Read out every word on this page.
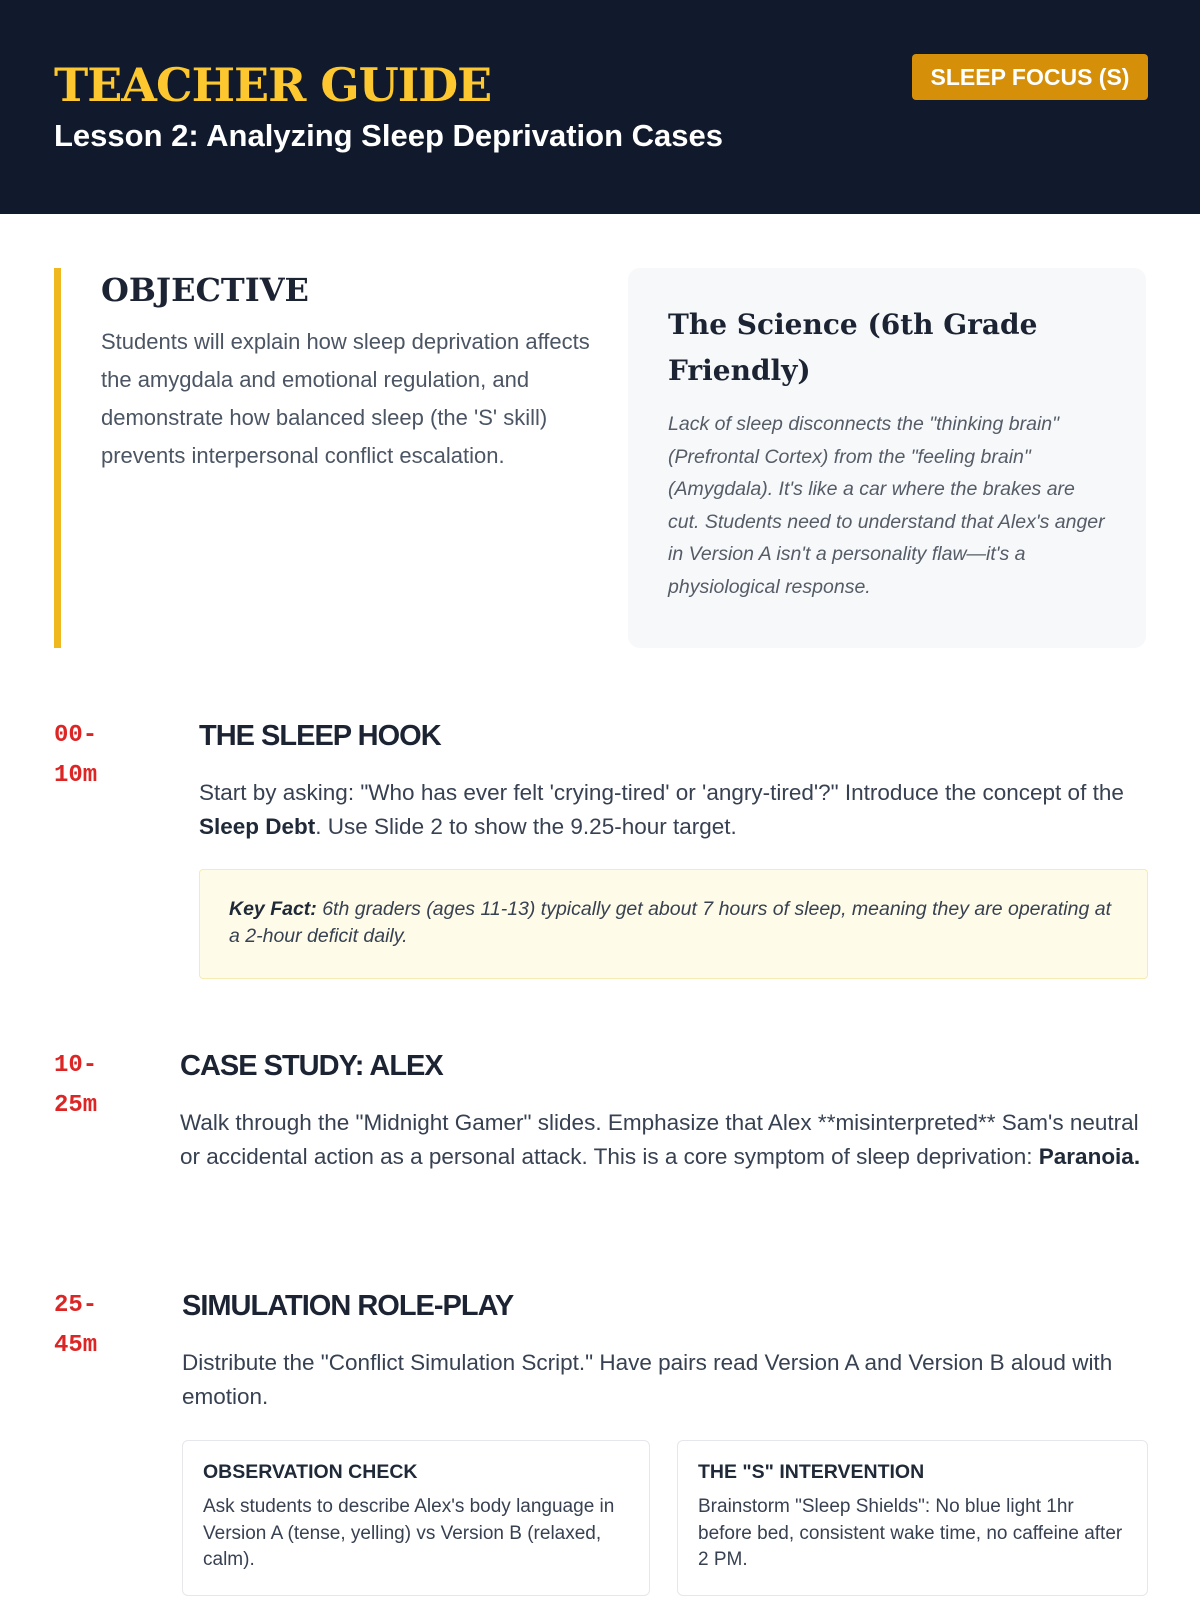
TEACHER GUIDE
Lesson 2: Analyzing Sleep Deprivation Cases
SLEEP FOCUS (S)
OBJECTIVE

Students will explain how sleep deprivation affects the amygdala and emotional regulation, and demonstrate how balanced sleep (the 'S' skill) prevents interpersonal conflict escalation.

The Science (6th Grade Friendly)

Lack of sleep disconnects the "thinking brain" (Prefrontal Cortex) from the "feeling brain" (Amygdala). It's like a car where the brakes are cut. Students need to understand that Alex's anger in Version A isn't a personality flaw—it's a physiological response.

00-
10m
THE SLEEP HOOK

Start by asking: "Who has ever felt 'crying-tired' or 'angry-tired'?" Introduce the concept of the Sleep Debt. Use Slide 2 to show the 9.25-hour target.

Key Fact: 6th graders (ages 11-13) typically get about 7 hours of sleep, meaning they are operating at a 2-hour deficit daily.
10-
25m
CASE STUDY: ALEX

Walk through the "Midnight Gamer" slides. Emphasize that Alex **misinterpreted** Sam's neutral or accidental action as a personal attack. This is a core symptom of sleep deprivation: Paranoia.

25-
45m
SIMULATION ROLE-PLAY

Distribute the "Conflict Simulation Script." Have pairs read Version A and Version B aloud with emotion.

OBSERVATION CHECK
Ask students to describe Alex's body language in Version A (tense, yelling) vs Version B (relaxed, calm).
THE "S" INTERVENTION
Brainstorm "Sleep Shields": No blue light 1hr before bed, consistent wake time, no caffeine after 2 PM.
